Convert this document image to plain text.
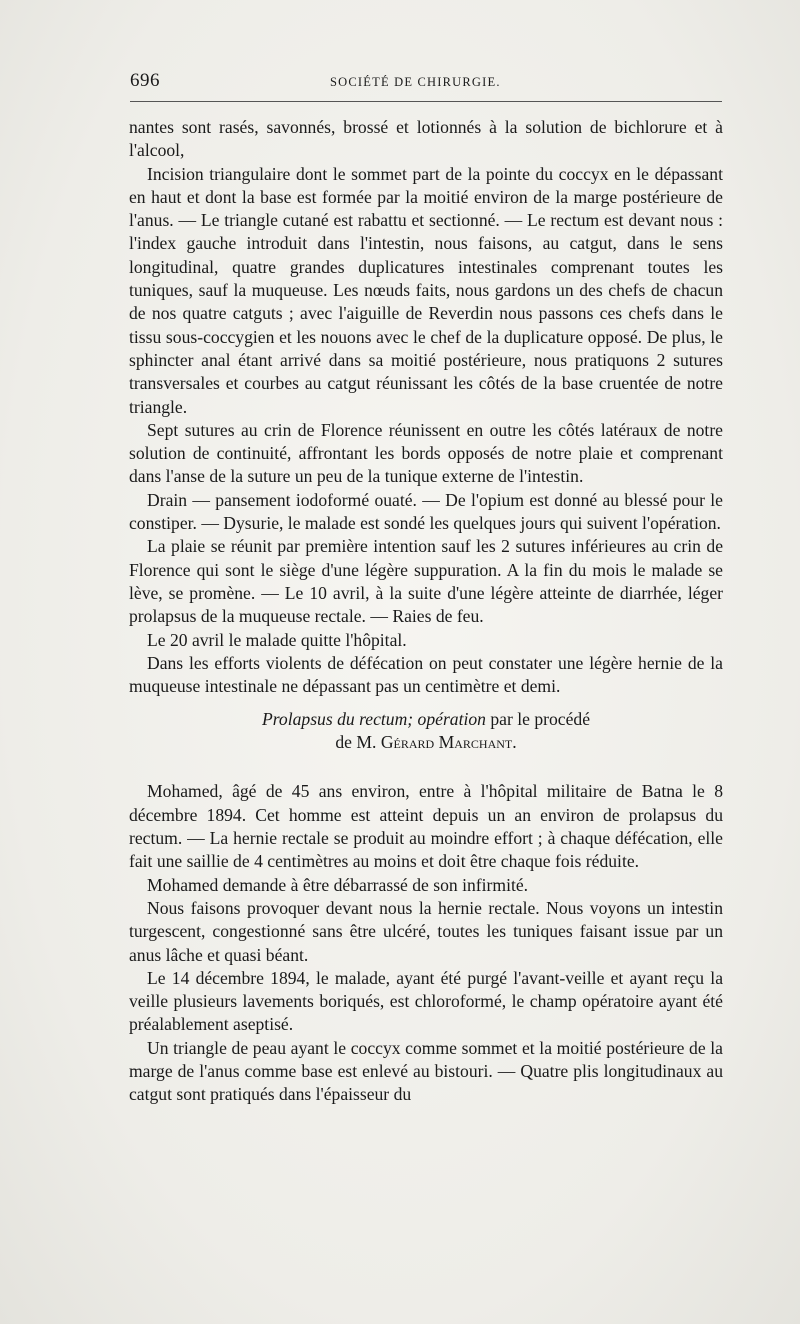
696	SOCIÉTÉ DE CHIRURGIE.

nantes sont rasés, savonnés, brossé et lotionnés à la solution de bichlorure et à l'alcool,

Incision triangulaire dont le sommet part de la pointe du coccyx en le dépassant en haut et dont la base est formée par la moitié environ de la marge postérieure de l'anus. — Le triangle cutané est rabattu et sectionné. — Le rectum est devant nous : l'index gauche introduit dans l'intestin, nous faisons, au catgut, dans le sens longitudinal, quatre grandes duplicatures intestinales comprenant toutes les tuniques, sauf la muqueuse. Les nœuds faits, nous gardons un des chefs de chacun de nos quatre catguts ; avec l'aiguille de Reverdin nous passons ces chefs dans le tissu sous-coccygien et les nouons avec le chef de la duplicature opposé. De plus, le sphincter anal étant arrivé dans sa moitié postérieure, nous pratiquons 2 sutures transversales et courbes au catgut réunissant les côtés de la base cruentée de notre triangle.

Sept sutures au crin de Florence réunissent en outre les côtés latéraux de notre solution de continuité, affrontant les bords opposés de notre plaie et comprenant dans l'anse de la suture un peu de la tunique externe de l'intestin.

Drain — pansement iodoformé ouaté. — De l'opium est donné au blessé pour le constiper. — Dysurie, le malade est sondé les quelques jours qui suivent l'opération.

La plaie se réunit par première intention sauf les 2 sutures inférieures au crin de Florence qui sont le siège d'une légère suppuration. A la fin du mois le malade se lève, se promène. — Le 10 avril, à la suite d'une légère atteinte de diarrhée, léger prolapsus de la muqueuse rectale. — Raies de feu.

Le 20 avril le malade quitte l'hôpital.

Dans les efforts violents de défécation on peut constater une légère hernie de la muqueuse intestinale ne dépassant pas un centimètre et demi.

Prolapsus du rectum; opération par le procédé
de M. Gérard Marchant.

Mohamed, âgé de 45 ans environ, entre à l'hôpital militaire de Batna le 8 décembre 1894. Cet homme est atteint depuis un an environ de prolapsus du rectum. — La hernie rectale se produit au moindre effort ; à chaque défécation, elle fait une saillie de 4 centimètres au moins et doit être chaque fois réduite.

Mohamed demande à être débarrassé de son infirmité.

Nous faisons provoquer devant nous la hernie rectale. Nous voyons un intestin turgescent, congestionné sans être ulcéré, toutes les tuniques faisant issue par un anus lâche et quasi béant.

Le 14 décembre 1894, le malade, ayant été purgé l'avant-veille et ayant reçu la veille plusieurs lavements boriqués, est chloroformé, le champ opératoire ayant été préalablement aseptisé.

Un triangle de peau ayant le coccyx comme sommet et la moitié postérieure de la marge de l'anus comme base est enlevé au bistouri. — Quatre plis longitudinaux au catgut sont pratiqués dans l'épaisseur du
